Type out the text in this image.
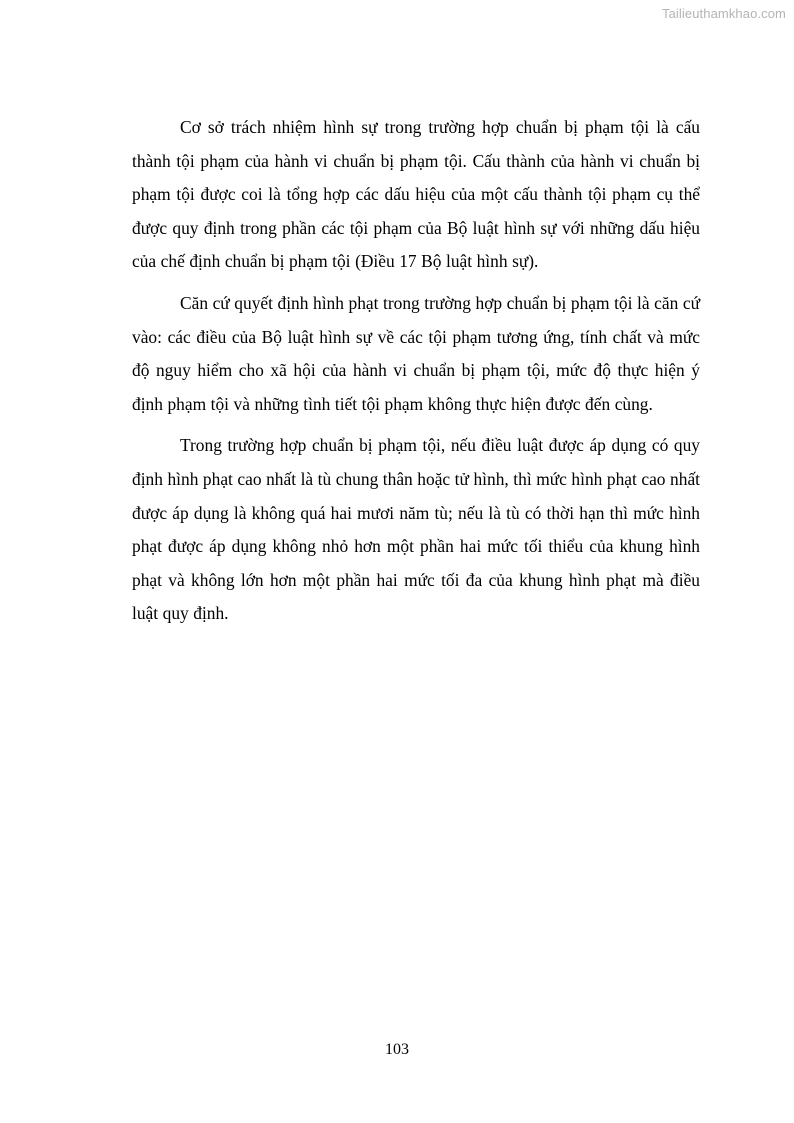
Tailieuthamkhao.com

Cơ sở trách nhiệm hình sự trong trường hợp chuẩn bị phạm tội là cấu thành tội phạm của hành vi chuẩn bị phạm tội. Cấu thành của hành vi chuẩn bị phạm tội được coi là tổng hợp các dấu hiệu của một cấu thành tội phạm cụ thể được quy định trong phần các tội phạm của Bộ luật hình sự với những dấu hiệu của chế định chuẩn bị phạm tội (Điều 17 Bộ luật hình sự).

Căn cứ quyết định hình phạt trong trường hợp chuẩn bị phạm tội là căn cứ vào: các điều của Bộ luật hình sự về các tội phạm tương ứng, tính chất và mức độ nguy hiểm cho xã hội của hành vi chuẩn bị phạm tội, mức độ thực hiện ý định phạm tội và những tình tiết tội phạm không thực hiện được đến cùng.

Trong trường hợp chuẩn bị phạm tội, nếu điều luật được áp dụng có quy định hình phạt cao nhất là tù chung thân hoặc tử hình, thì mức hình phạt cao nhất được áp dụng là không quá hai mươi năm tù; nếu là tù có thời hạn thì mức hình phạt được áp dụng không nhỏ hơn một phần hai mức tối thiểu của khung hình phạt và không lớn hơn một phần hai mức tối đa của khung hình phạt mà điều luật quy định.

103
